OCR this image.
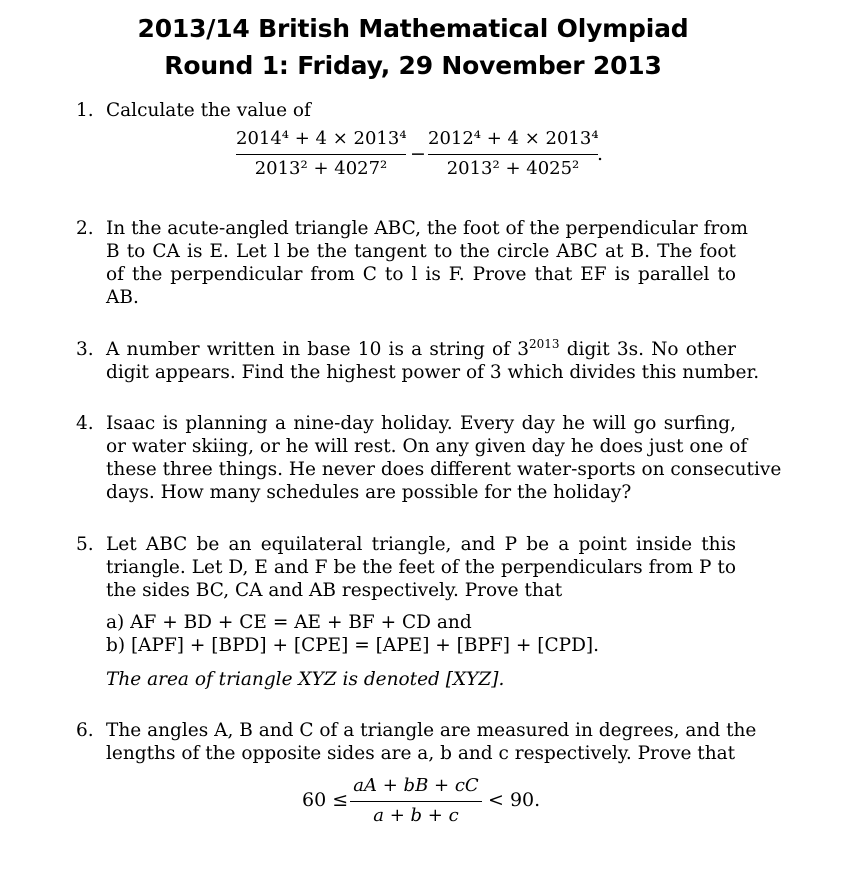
2013/14 British Mathematical Olympiad
Round 1: Friday, 29 November 2013
1. Calculate the value of
2014⁴ + 4 × 2013⁴
2013² + 4027²
−
2012⁴ + 4 × 2013⁴
2013² + 4025²
.
2. In the acute-angled triangle ABC, the foot of the perpendicular from
B to CA is E. Let l be the tangent to the circle ABC at B. The foot
of the perpendicular from C to l is F. Prove that EF is parallel to
AB.
3. A number written in base 10 is a string of $3^{2013}$ digit 3s. No other
digit appears. Find the highest power of 3 which divides this number.
4. Isaac is planning a nine-day holiday. Every day he will go surfing,
or water skiing, or he will rest. On any given day he does just one of
these three things. He never does different water-sports on consecutive
days. How many schedules are possible for the holiday?
5. Let ABC be an equilateral triangle, and P be a point inside this
triangle. Let D, E and F be the feet of the perpendiculars from P to
the sides BC, CA and AB respectively. Prove that
a) AF + BD + CE = AE + BF + CD and
b) [APF] + [BPD] + [CPE] = [APE] + [BPF] + [CPD].
The area of triangle XYZ is denoted [XYZ].
6. The angles A, B and C of a triangle are measured in degrees, and the
lengths of the opposite sides are a, b and c respectively. Prove that
60 ≤
aA + bB + cC
a + b + c
< 90.
